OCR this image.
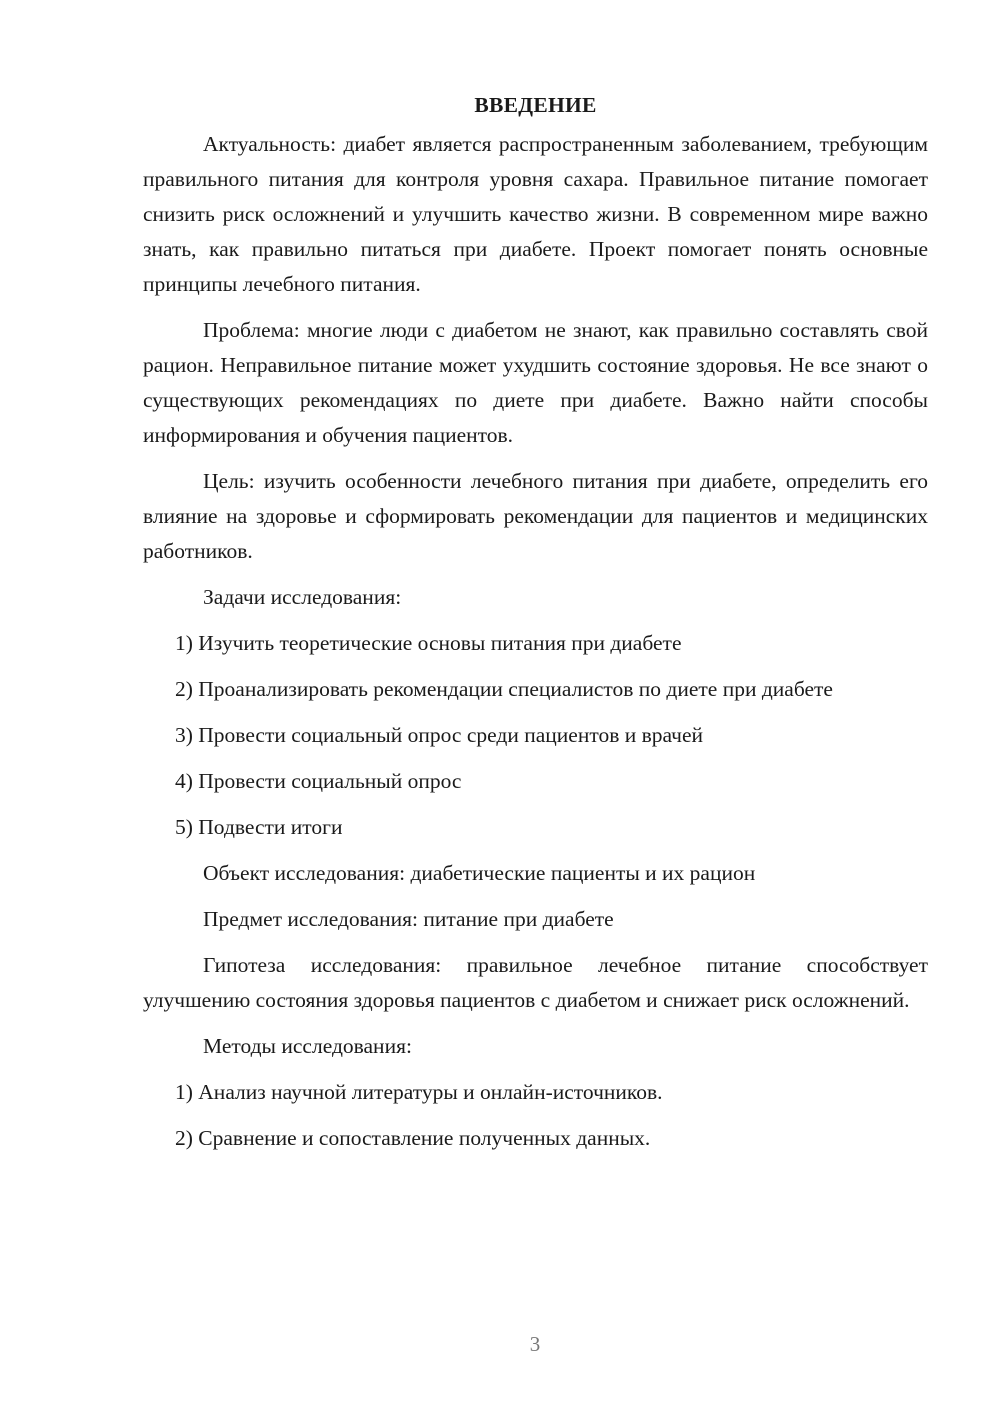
ВВЕДЕНИЕ

Актуальность: диабет является распространенным заболеванием, требующим правильного питания для контроля уровня сахара. Правильное питание помогает снизить риск осложнений и улучшить качество жизни. В современном мире важно знать, как правильно питаться при диабете. Проект помогает понять основные принципы лечебного питания.

Проблема: многие люди с диабетом не знают, как правильно составлять свой рацион. Неправильное питание может ухудшить состояние здоровья. Не все знают о существующих рекомендациях по диете при диабете. Важно найти способы информирования и обучения пациентов.

Цель: изучить особенности лечебного питания при диабете, определить его влияние на здоровье и сформировать рекомендации для пациентов и медицинских работников.

Задачи исследования:

1) Изучить теоретические основы питания при диабете

2) Проанализировать рекомендации специалистов по диете при диабете

3) Провести социальный опрос среди пациентов и врачей

4) Провести социальный опрос

5) Подвести итоги

Объект исследования: диабетические пациенты и их рацион

Предмет исследования: питание при диабете

Гипотеза исследования: правильное лечебное питание способствует улучшению состояния здоровья пациентов с диабетом и снижает риск осложнений.

Методы исследования:

1) Анализ научной литературы и онлайн-источников.

2) Сравнение и сопоставление полученных данных.

3
